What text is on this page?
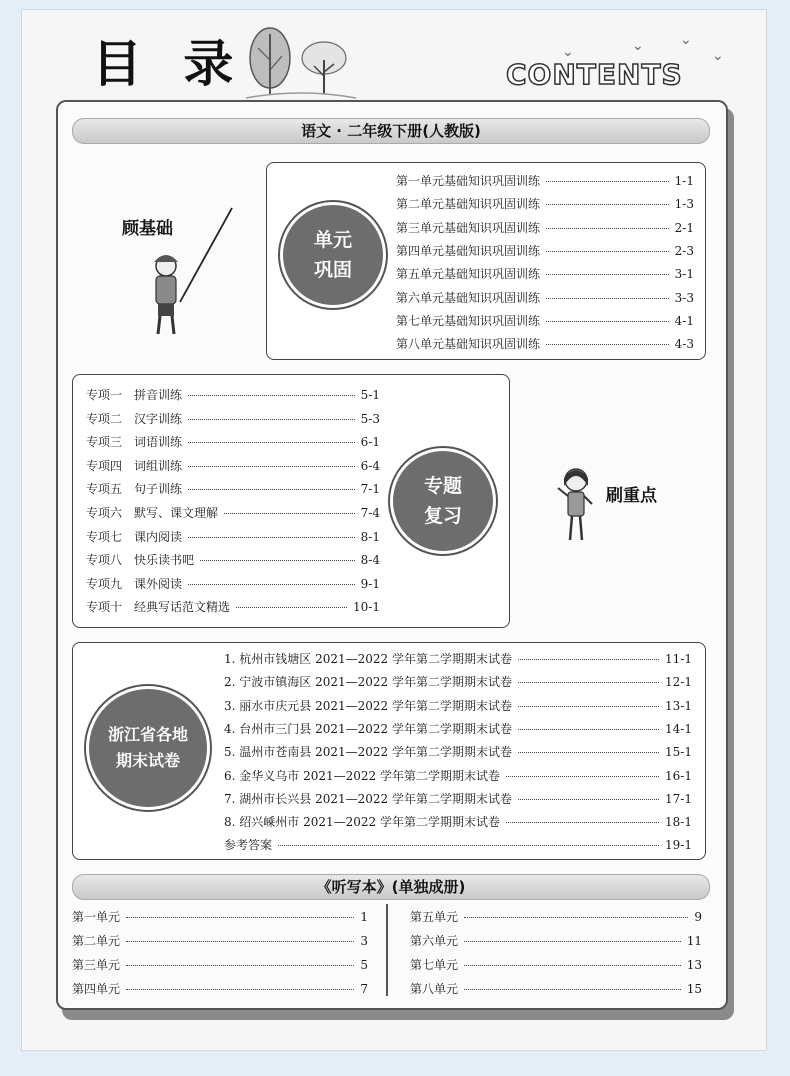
目 录	⌄	⌄	⌄
⌄
CONTENTS
语文 · 二年级下册(人教版)
顾基础	单元
巩固
第一单元基础知识巩固训练	1-1
第二单元基础知识巩固训练	1-3
第三单元基础知识巩固训练	2-1
第四单元基础知识巩固训练	2-3
第五单元基础知识巩固训练	3-1
第六单元基础知识巩固训练	3-3
第七单元基础知识巩固训练	4-1
第八单元基础知识巩固训练	4-3
专题
复习
专项一　拼音训练	5-1
专项二　汉字训练	5-3
专项三　词语训练	6-1
专项四　词组训练	6-4
专项五　句子训练	7-1
专项六　默写、课文理解	7-4
专项七　课内阅读	8-1
专项八　快乐读书吧	8-4
专项九　课外阅读	9-1
专项十　经典写话范文精选	10-1
刷重点
浙江省各地
期末试卷
1. 杭州市钱塘区 2021—2022 学年第二学期期末试卷	11-1
2. 宁波市镇海区 2021—2022 学年第二学期期末试卷	12-1
3. 丽水市庆元县 2021—2022 学年第二学期期末试卷	13-1
4. 台州市三门县 2021—2022 学年第二学期期末试卷	14-1
5. 温州市苍南县 2021—2022 学年第二学期期末试卷	15-1
6. 金华义乌市 2021—2022 学年第二学期期末试卷	16-1
7. 湖州市长兴县 2021—2022 学年第二学期期末试卷	17-1
8. 绍兴嵊州市 2021—2022 学年第二学期期末试卷	18-1
参考答案	19-1
《听写本》(单独成册)
第一单元	1
第二单元	3
第三单元	5
第四单元	7
第五单元	9
第六单元	11
第七单元	13
第八单元	15
